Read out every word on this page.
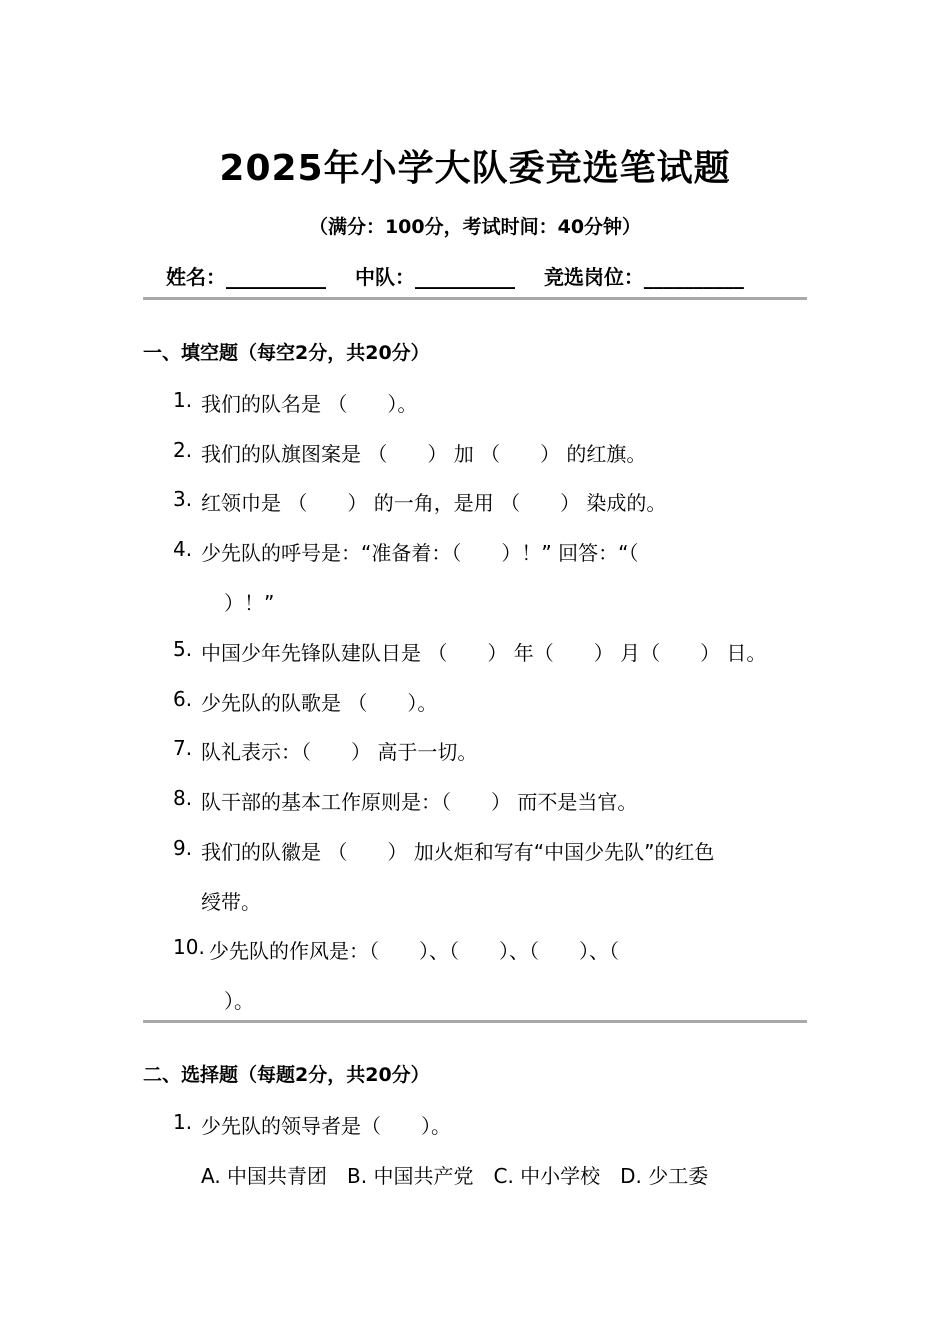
2025年小学大队委竞选笔试题
（满分：100分，考试时间：40分钟）
姓名：__________ 中队：__________ 竞选岗位：__________
一、填空题（每空2分，共20分）
1. 我们的队名是 （　　）。
2. 我们的队旗图案是 （　　） 加 （　　） 的红旗。
3. 红领巾是 （　　） 的一角，是用 （　　） 染成的。
4. 少先队的呼号是：“准备着：（　　）！” 回答：“（
）！”
5. 中国少年先锋队建队日是 （　　） 年（　　） 月（　　） 日。
6. 少先队的队歌是 （　　）。
7. 队礼表示：（　　） 高于一切。
8. 队干部的基本工作原则是：（　　） 而不是当官。
9. 我们的队徽是 （　　） 加火炬和写有“中国少先队”的红色
绶带。
10. 少先队的作风是：（　　）、（　　）、（　　）、（
）。
二、选择题（每题2分，共20分）
1. 少先队的领导者是（　　）。
A. 中国共青团　B. 中国共产党　C. 中小学校　D. 少工委
